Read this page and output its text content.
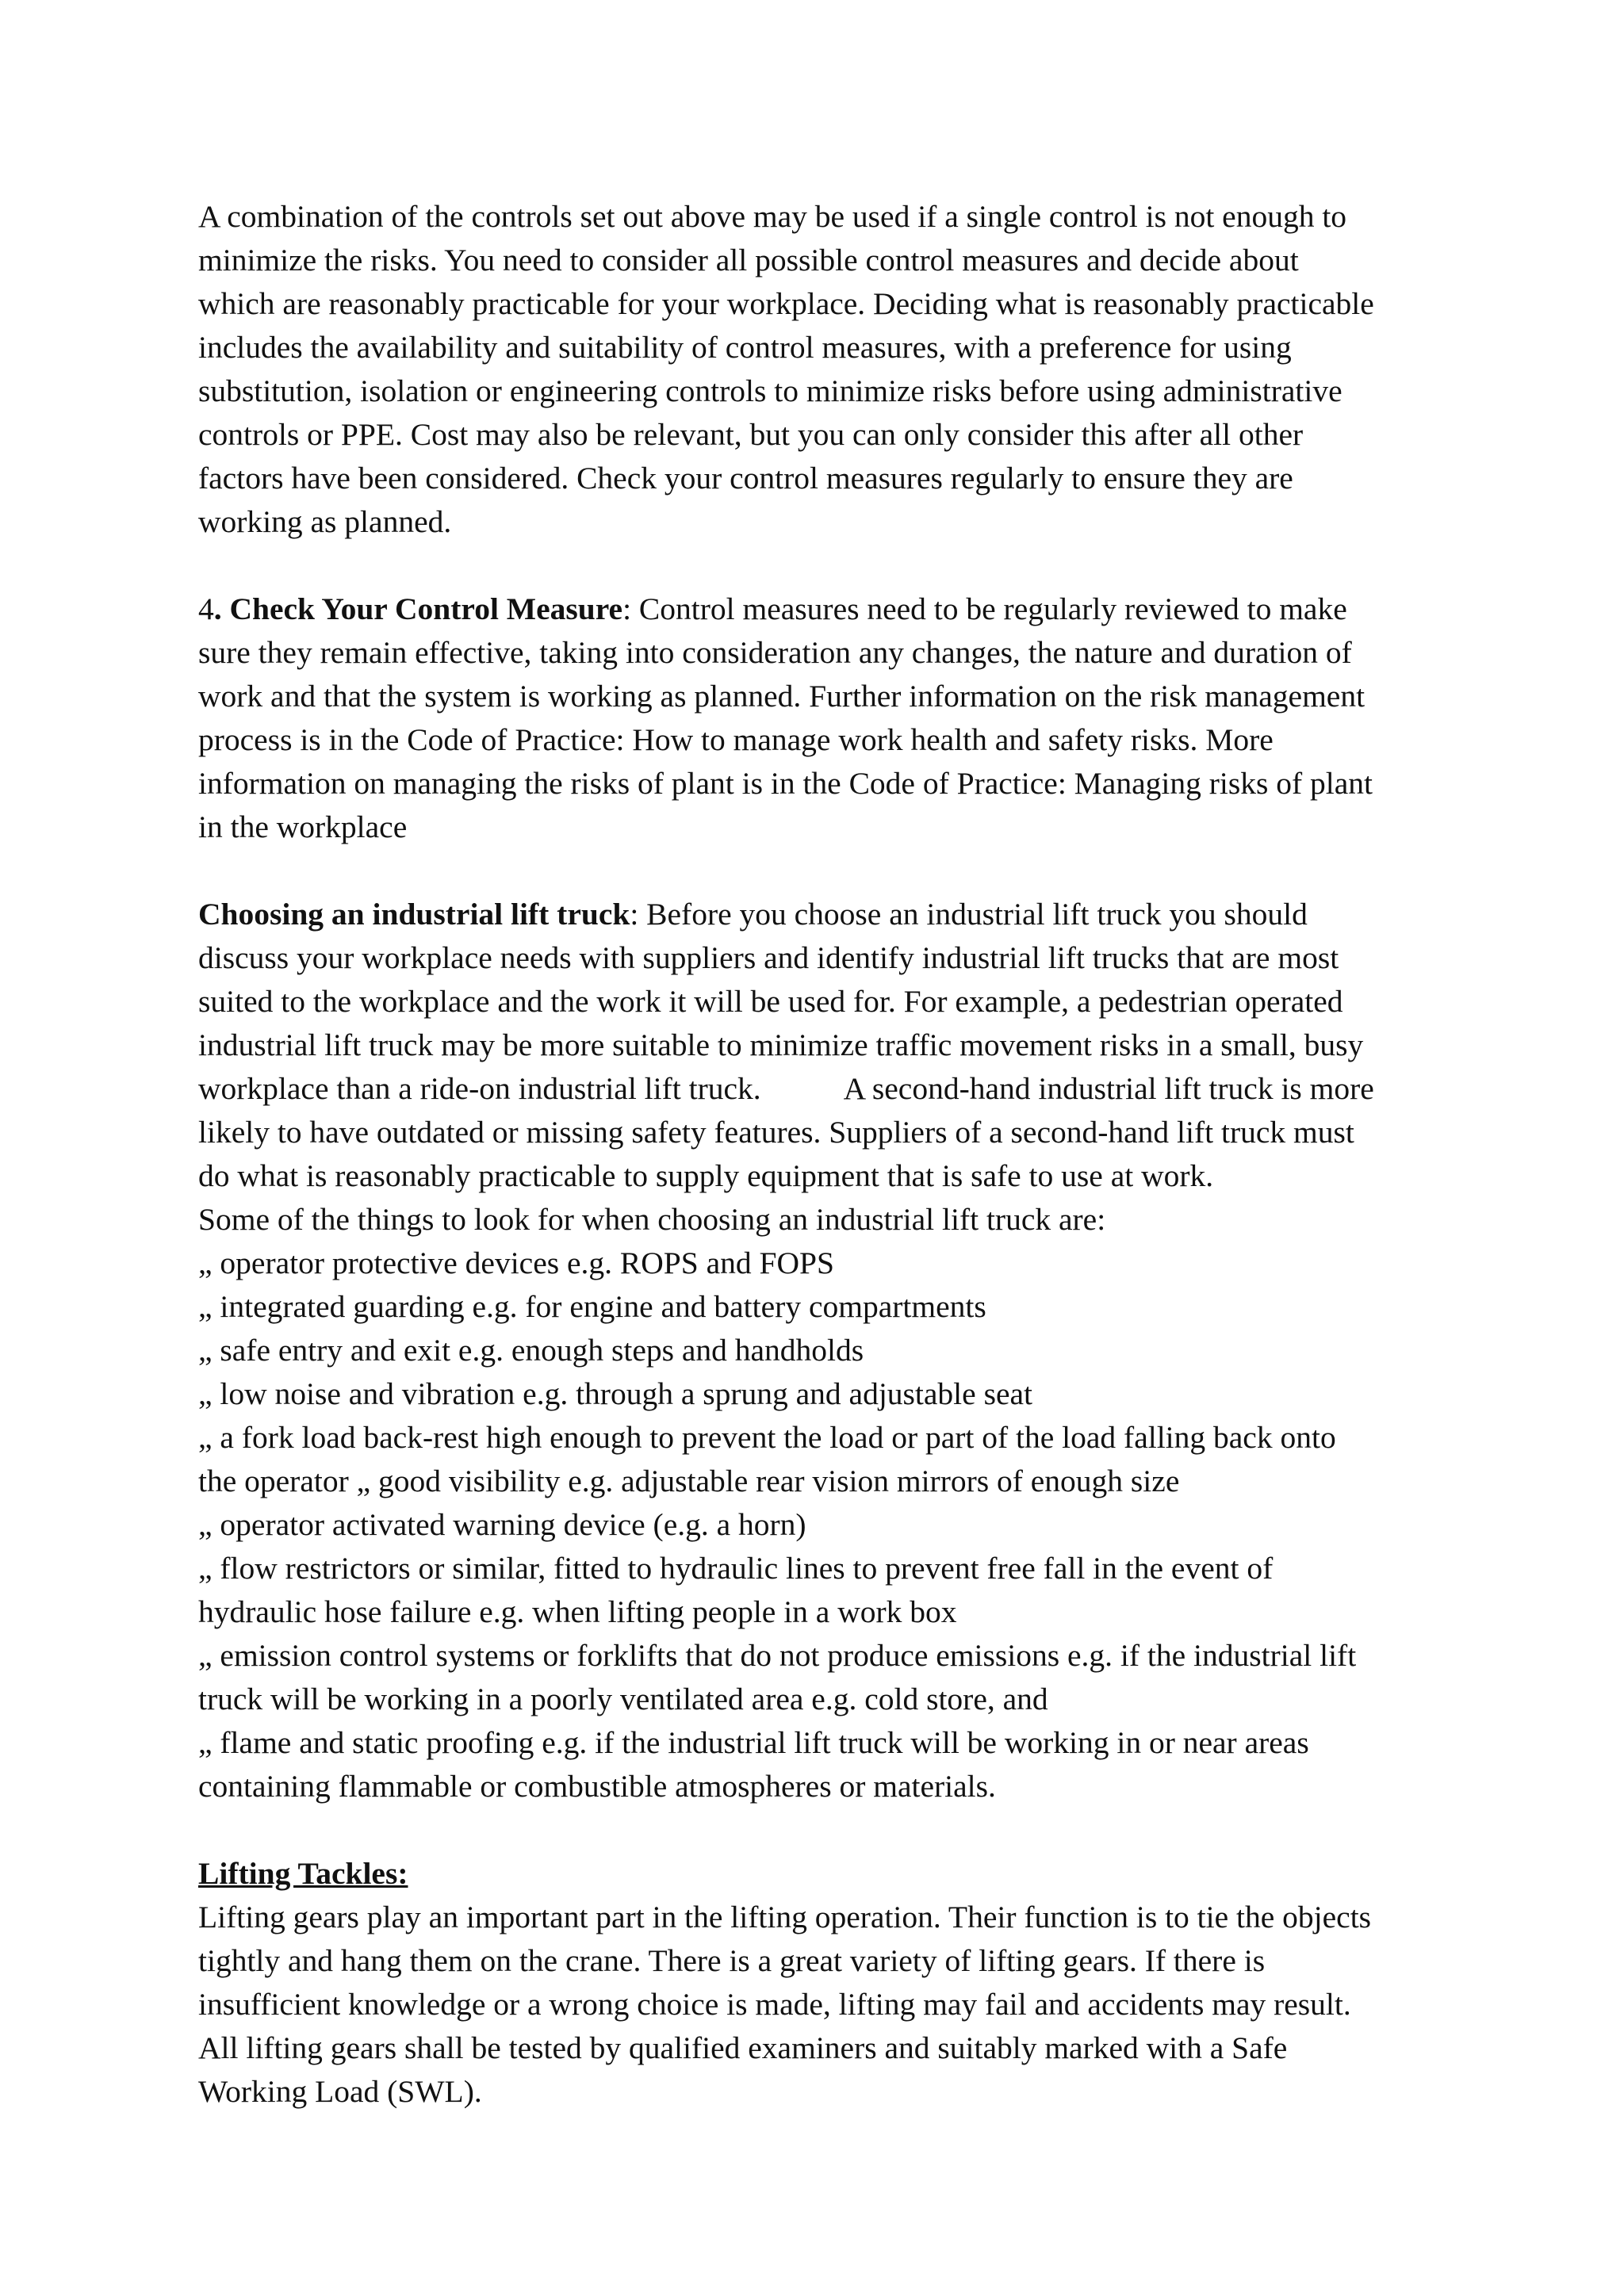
A combination of the controls set out above may be used if a single control is not enough to
minimize the risks. You need to consider all possible control measures and decide about
which are reasonably practicable for your workplace. Deciding what is reasonably practicable
includes the availability and suitability of control measures, with a preference for using
substitution, isolation or engineering controls to minimize risks before using administrative
controls or PPE. Cost may also be relevant, but you can only consider this after all other
factors have been considered. Check your control measures regularly to ensure they are
working as planned.

4. Check Your Control Measure: Control measures need to be regularly reviewed to make
sure they remain effective, taking into consideration any changes, the nature and duration of
work and that the system is working as planned. Further information on the risk management
process is in the Code of Practice: How to manage work health and safety risks. More
information on managing the risks of plant is in the Code of Practice: Managing risks of plant
in the workplace

Choosing an industrial lift truck: Before you choose an industrial lift truck you should
discuss your workplace needs with suppliers and identify industrial lift trucks that are most
suited to the workplace and the work it will be used for. For example, a pedestrian operated
industrial lift truck may be more suitable to minimize traffic movement risks in a small, busy
workplace than a ride-on industrial lift truck.	A second-hand industrial lift truck is more
likely to have outdated or missing safety features. Suppliers of a second-hand lift truck must
do what is reasonably practicable to supply equipment that is safe to use at work.
Some of the things to look for when choosing an industrial lift truck are:
„ operator protective devices e.g. ROPS and FOPS
„ integrated guarding e.g. for engine and battery compartments
„ safe entry and exit e.g. enough steps and handholds
„ low noise and vibration e.g. through a sprung and adjustable seat
„ a fork load back-rest high enough to prevent the load or part of the load falling back onto
the operator „ good visibility e.g. adjustable rear vision mirrors of enough size
„ operator activated warning device (e.g. a horn)
„ flow restrictors or similar, fitted to hydraulic lines to prevent free fall in the event of
hydraulic hose failure e.g. when lifting people in a work box
„ emission control systems or forklifts that do not produce emissions e.g. if the industrial lift
truck will be working in a poorly ventilated area e.g. cold store, and
„ flame and static proofing e.g. if the industrial lift truck will be working in or near areas
containing flammable or combustible atmospheres or materials.

Lifting Tackles:
Lifting gears play an important part in the lifting operation. Their function is to tie the objects
tightly and hang them on the crane. There is a great variety of lifting gears. If there is
insufficient knowledge or a wrong choice is made, lifting may fail and accidents may result.
All lifting gears shall be tested by qualified examiners and suitably marked with a Safe
Working Load (SWL).
